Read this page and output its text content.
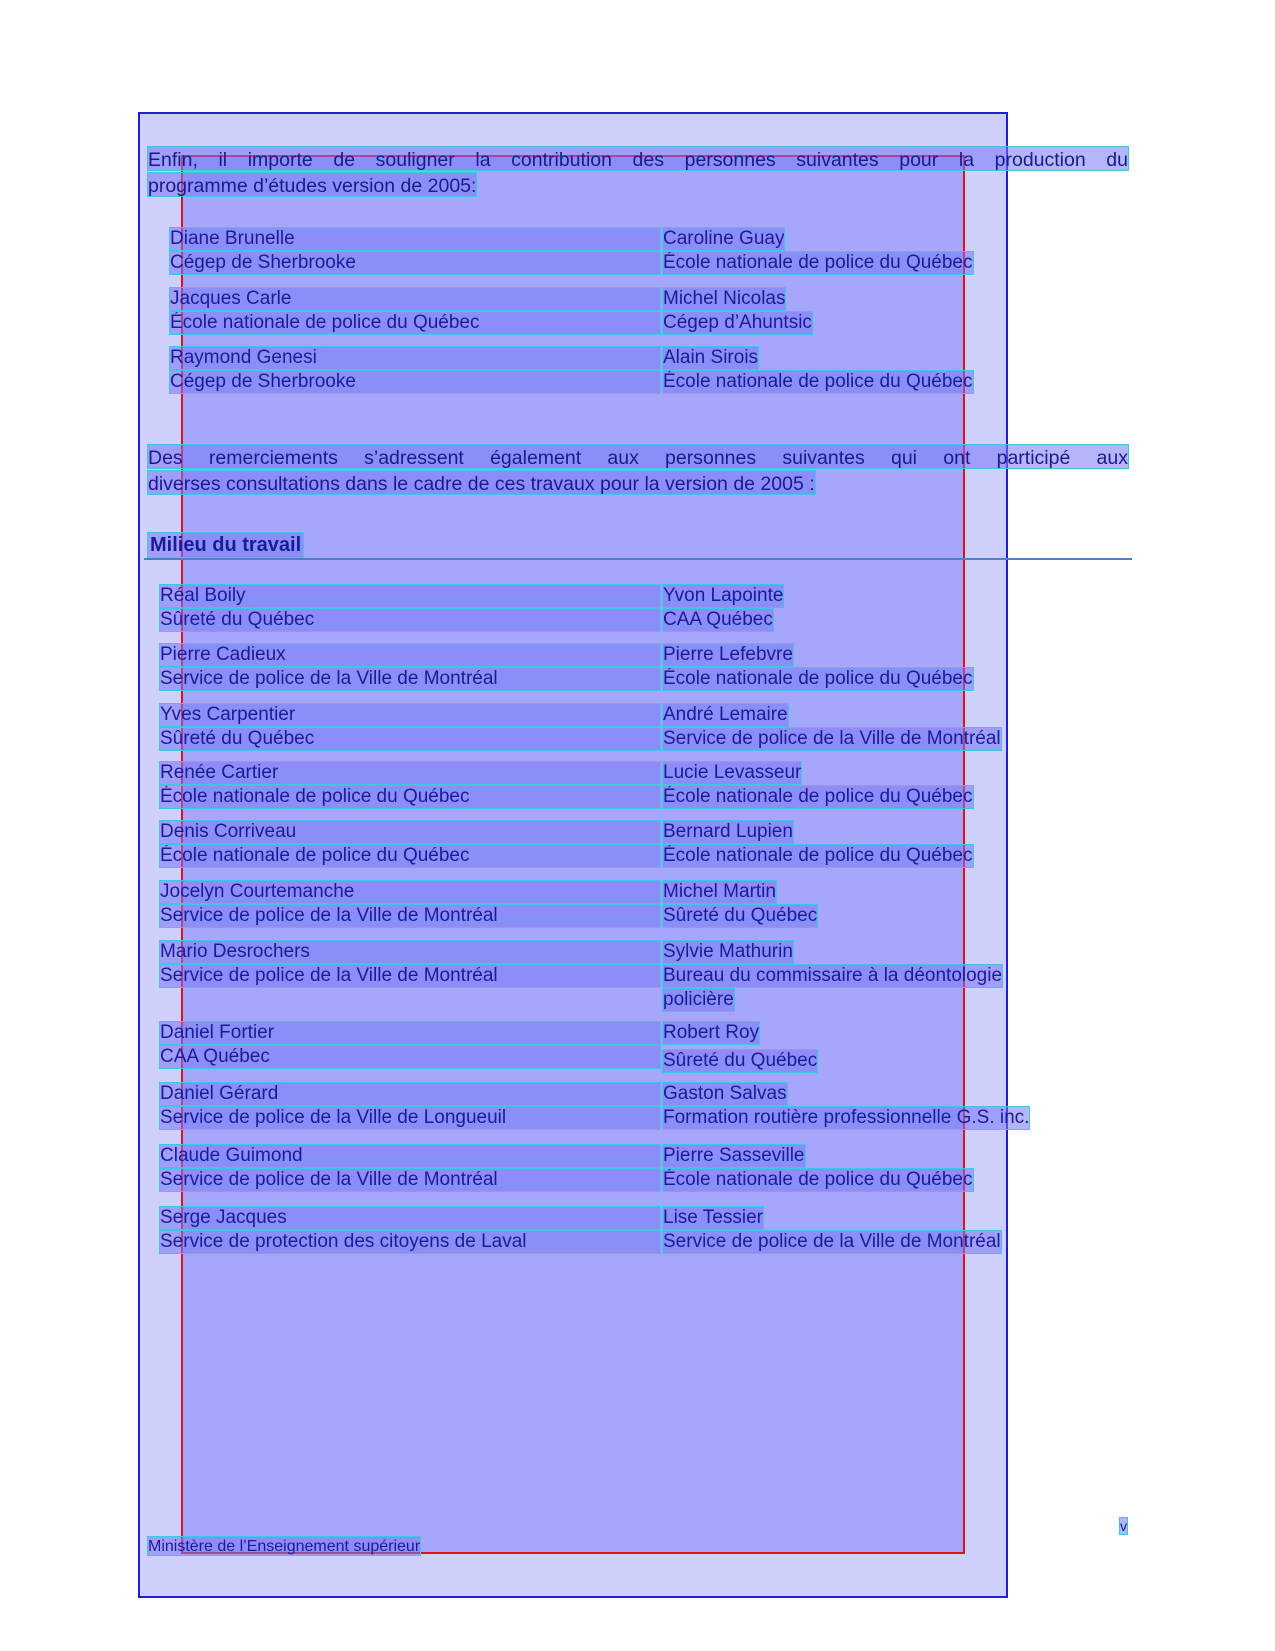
Enfin, il importe de souligner la contribution des personnes suivantes pour la production du
programme d’études version de 2005:
Diane Brunelle
Cégep de Sherbrooke
Caroline Guay
École nationale de police du Québec
Jacques Carle
École nationale de police du Québec
Michel Nicolas
Cégep d’Ahuntsic
Raymond Genesi
Cégep de Sherbrooke
Alain Sirois
École nationale de police du Québec
Des remerciements s’adressent également aux personnes suivantes qui ont participé aux
diverses consultations dans le cadre de ces travaux pour la version de 2005 :
Milieu du travail
Réal Boily
Sûreté du Québec
Yvon Lapointe
CAA Québec
Pierre Cadieux
Service de police de la Ville de Montréal
Pierre Lefebvre
École nationale de police du Québec
Yves Carpentier
Sûreté du Québec
André Lemaire
Service de police de la Ville de Montréal
Renée Cartier
École nationale de police du Québec
Lucie Levasseur
École nationale de police du Québec
Denis Corriveau
École nationale de police du Québec
Bernard Lupien
École nationale de police du Québec
Jocelyn Courtemanche
Service de police de la Ville de Montréal
Michel Martin
Sûreté du Québec
Mario Desrochers
Service de police de la Ville de Montréal
Sylvie Mathurin
Bureau du commissaire à la déontologie
policière
Daniel Fortier
CAA Québec
Robert Roy
Sûreté du Québec
Daniel Gérard
Service de police de la Ville de Longueuil
Gaston Salvas
Formation routière professionnelle G.S. inc.
Claude Guimond
Service de police de la Ville de Montréal
Pierre Sasseville
École nationale de police du Québec
Serge Jacques
Service de protection des citoyens de Laval
Lise Tessier
Service de police de la Ville de Montréal
v
Ministère de l’Enseignement supérieur
